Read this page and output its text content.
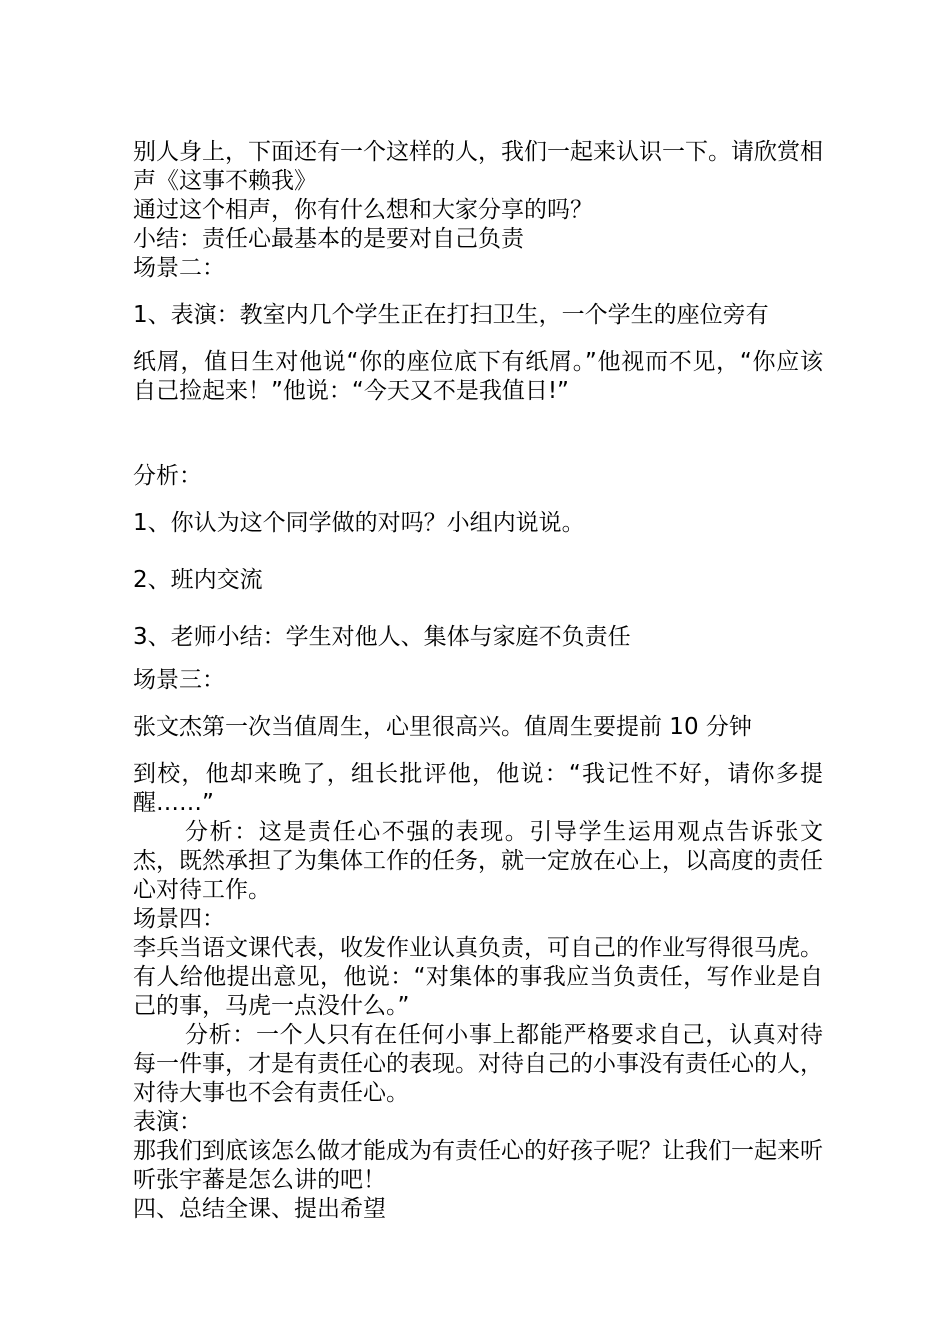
别人身上，下面还有一个这样的人，我们一起来认识一下。请欣赏相声《这事不赖我》

通过这个相声，你有什么想和大家分享的吗？

小结：责任心最基本的是要对自己负责

场景二：

1、表演：教室内几个学生正在打扫卫生，一个学生的座位旁有

纸屑，值日生对他说“你的座位底下有纸屑。”他视而不见，“你应该自己捡起来！”他说：“今天又不是我值日!”

分析：

1、你认为这个同学做的对吗？小组内说说。

2、班内交流

3、老师小结：学生对他人、集体与家庭不负责任

场景三：

张文杰第一次当值周生，心里很高兴。值周生要提前 10 分钟

到校，他却来晚了，组长批评他，他说：“我记性不好，请你多提醒……”

分析：这是责任心不强的表现。引导学生运用观点告诉张文杰，既然承担了为集体工作的任务，就一定放在心上，以高度的责任心对待工作。

场景四：

李兵当语文课代表，收发作业认真负责，可自己的作业写得很马虎。有人给他提出意见，他说：“对集体的事我应当负责任，写作业是自己的事，马虎一点没什么。”

分析：一个人只有在任何小事上都能严格要求自己，认真对待每一件事，才是有责任心的表现。对待自己的小事没有责任心的人，对待大事也不会有责任心。

表演：

那我们到底该怎么做才能成为有责任心的好孩子呢？让我们一起来听听张宇蕃是怎么讲的吧！

四、总结全课、提出希望
